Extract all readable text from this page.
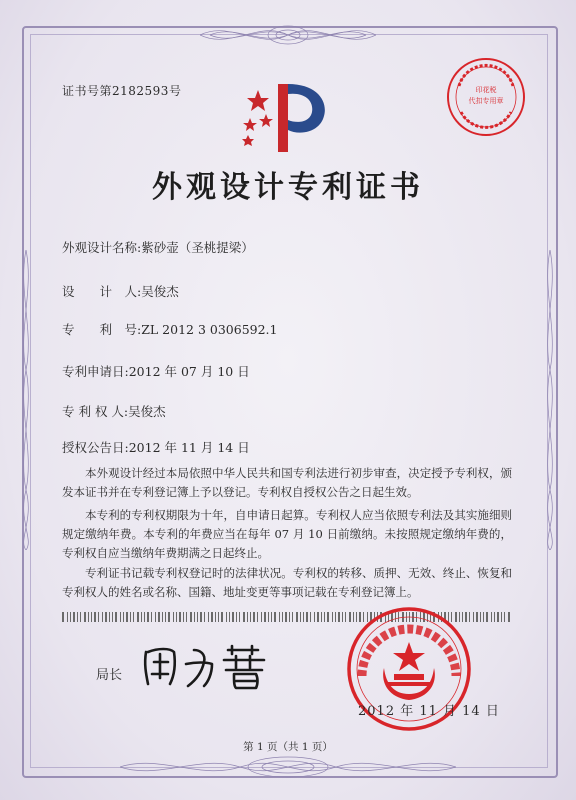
证书号第2182593号	印花税
代扣专用章
外观设计专利证书
外观设计名称:紫砂壶（圣桃提梁）
设　　计　人:吴俊杰
专　　利　号:ZL 2012 3 0306592.1
专利申请日:2012 年 07 月 10 日
专 利 权 人:吴俊杰
授权公告日:2012 年 11 月 14 日
本外观设计经过本局依照中华人民共和国专利法进行初步审查，决定授予专利权，颁发本证书并在专利登记簿上予以登记。专利权自授权公告之日起生效。
本专利的专利权期限为十年，自申请日起算。专利权人应当依照专利法及其实施细则规定缴纳年费。本专利的年费应当在每年 07 月 10 日前缴纳。未按照规定缴纳年费的，专利权自应当缴纳年费期满之日起终止。
专利证书记载专利权登记时的法律状况。专利权的转移、质押、无效、终止、恢复和专利权人的姓名或名称、国籍、地址变更等事项记载在专利登记簿上。
局长
2012 年 11 月 14 日
第 1 页（共 1 页）
